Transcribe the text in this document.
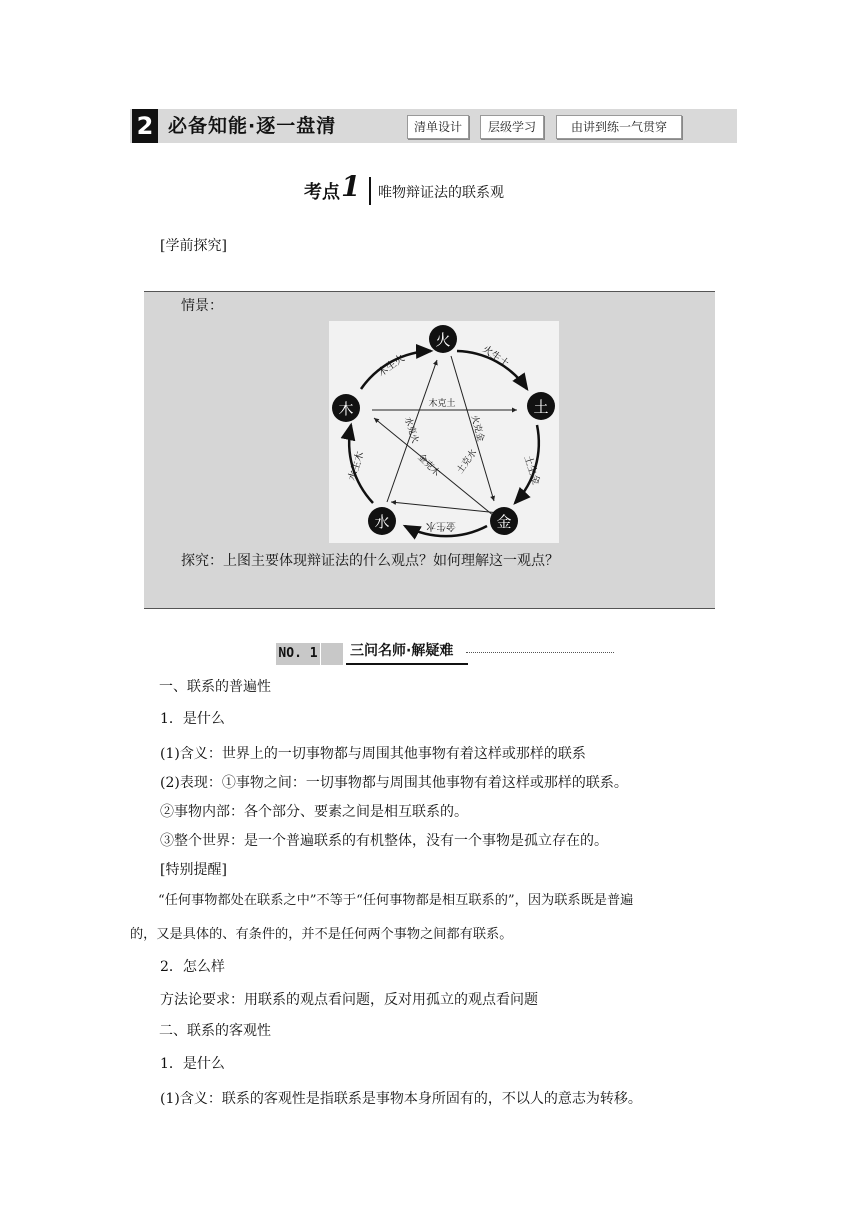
2 必备知能·逐一盘清	清单设计	层级学习	由讲到练一气贯穿
考点 1 唯物辩证法的联系观
[学前探究]
情景：
火
土
金
水
木
火生土
土生金
金生水
水生木
木生火
木克土
火克金
土克水
金克木
水克火
探究：上图主要体现辩证法的什么观点？如何理解这一观点？
NO. 1 三问名师·解疑难
一、联系的普遍性
1．是什么
(1)含义：世界上的一切事物都与周围其他事物有着这样或那样的联系
(2)表现：①事物之间：一切事物都与周围其他事物有着这样或那样的联系。
②事物内部：各个部分、要素之间是相互联系的。
③整个世界：是一个普遍联系的有机整体，没有一个事物是孤立存在的。
[特别提醒]
“任何事物都处在联系之中”不等于“任何事物都是相互联系的”，因为联系既是普遍
的，又是具体的、有条件的，并不是任何两个事物之间都有联系。
2．怎么样
方法论要求：用联系的观点看问题，反对用孤立的观点看问题
二、联系的客观性
1．是什么
(1)含义：联系的客观性是指联系是事物本身所固有的，不以人的意志为转移。
